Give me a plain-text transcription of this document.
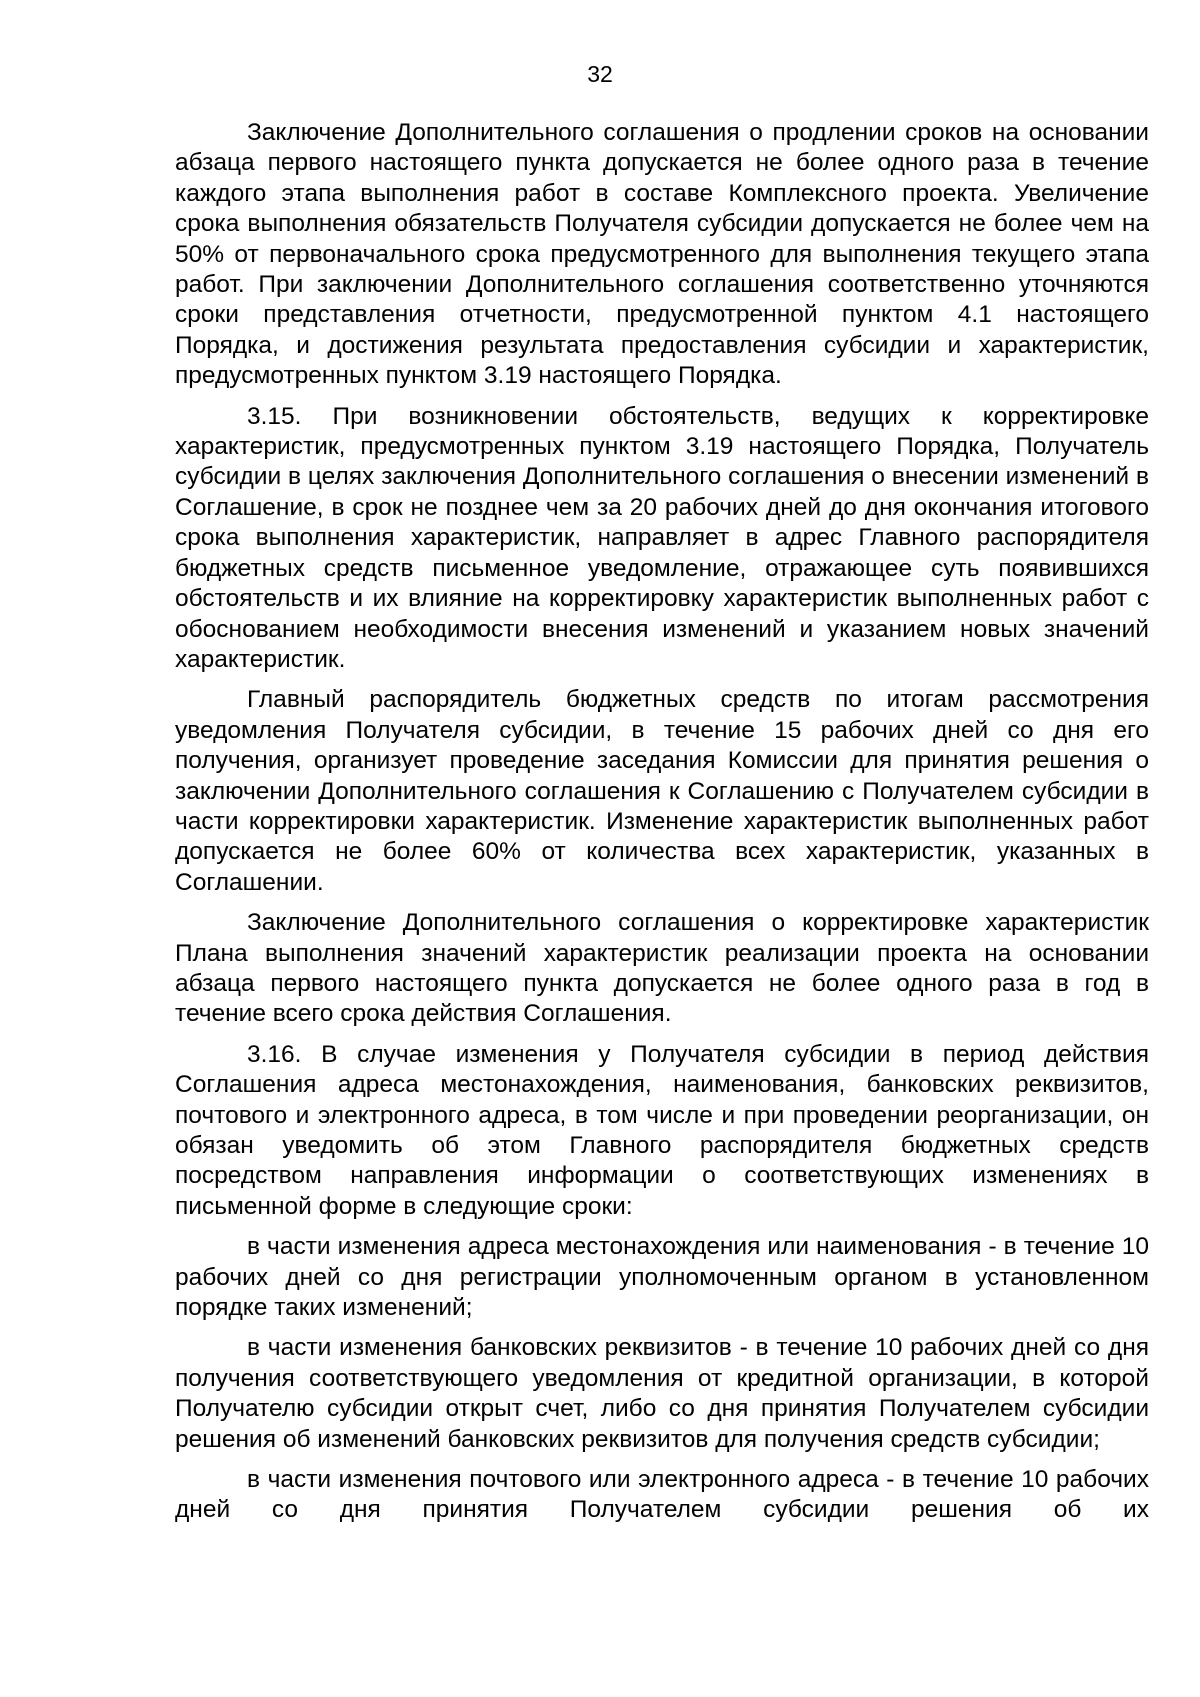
32

Заключение Дополнительного соглашения о продлении сроков на основании абзаца первого настоящего пункта допускается не более одного раза в течение каждого этапа выполнения работ в составе Комплексного проекта. Увеличение срока выполнения обязательств Получателя субсидии допускается не более чем на 50% от первоначального срока предусмотренного для выполнения текущего этапа работ. При заключении Дополнительного соглашения соответственно уточняются сроки представления отчетности, предусмотренной пунктом 4.1 настоящего Порядка, и достижения результата предоставления субсидии и характеристик, предусмотренных пунктом 3.19 настоящего Порядка.

3.15. При возникновении обстоятельств, ведущих к корректировке характеристик, предусмотренных пунктом 3.19 настоящего Порядка, Получатель субсидии в целях заключения Дополнительного соглашения о внесении изменений в Соглашение, в срок не позднее чем за 20 рабочих дней до дня окончания итогового срока выполнения характеристик, направляет в адрес Главного распорядителя бюджетных средств письменное уведомление, отражающее суть появившихся обстоятельств и их влияние на корректировку характеристик выполненных работ с обоснованием необходимости внесения изменений и указанием новых значений характеристик.

Главный распорядитель бюджетных средств по итогам рассмотрения уведомления Получателя субсидии, в течение 15 рабочих дней со дня его получения, организует проведение заседания Комиссии для принятия решения о заключении Дополнительного соглашения к Соглашению с Получателем субсидии в части корректировки характеристик. Изменение характеристик выполненных работ допускается не более 60% от количества всех характеристик, указанных в Соглашении.

Заключение Дополнительного соглашения о корректировке характеристик Плана выполнения значений характеристик реализации проекта на основании абзаца первого настоящего пункта допускается не более одного раза в год в течение всего срока действия Соглашения.

3.16. В случае изменения у Получателя субсидии в период действия Соглашения адреса местонахождения, наименования, банковских реквизитов, почтового и электронного адреса, в том числе и при проведении реорганизации, он обязан уведомить об этом Главного распорядителя бюджетных средств посредством направления информации о соответствующих изменениях в письменной форме в следующие сроки:

в части изменения адреса местонахождения или наименования - в течение 10 рабочих дней со дня регистрации уполномоченным органом в установленном порядке таких изменений;

в части изменения банковских реквизитов - в течение 10 рабочих дней со дня получения соответствующего уведомления от кредитной организации, в которой Получателю субсидии открыт счет, либо со дня принятия Получателем субсидии решения об изменений банковских реквизитов для получения средств субсидии;

в части изменения почтового или электронного адреса - в течение 10 рабочих дней со дня принятия Получателем субсидии решения об их
